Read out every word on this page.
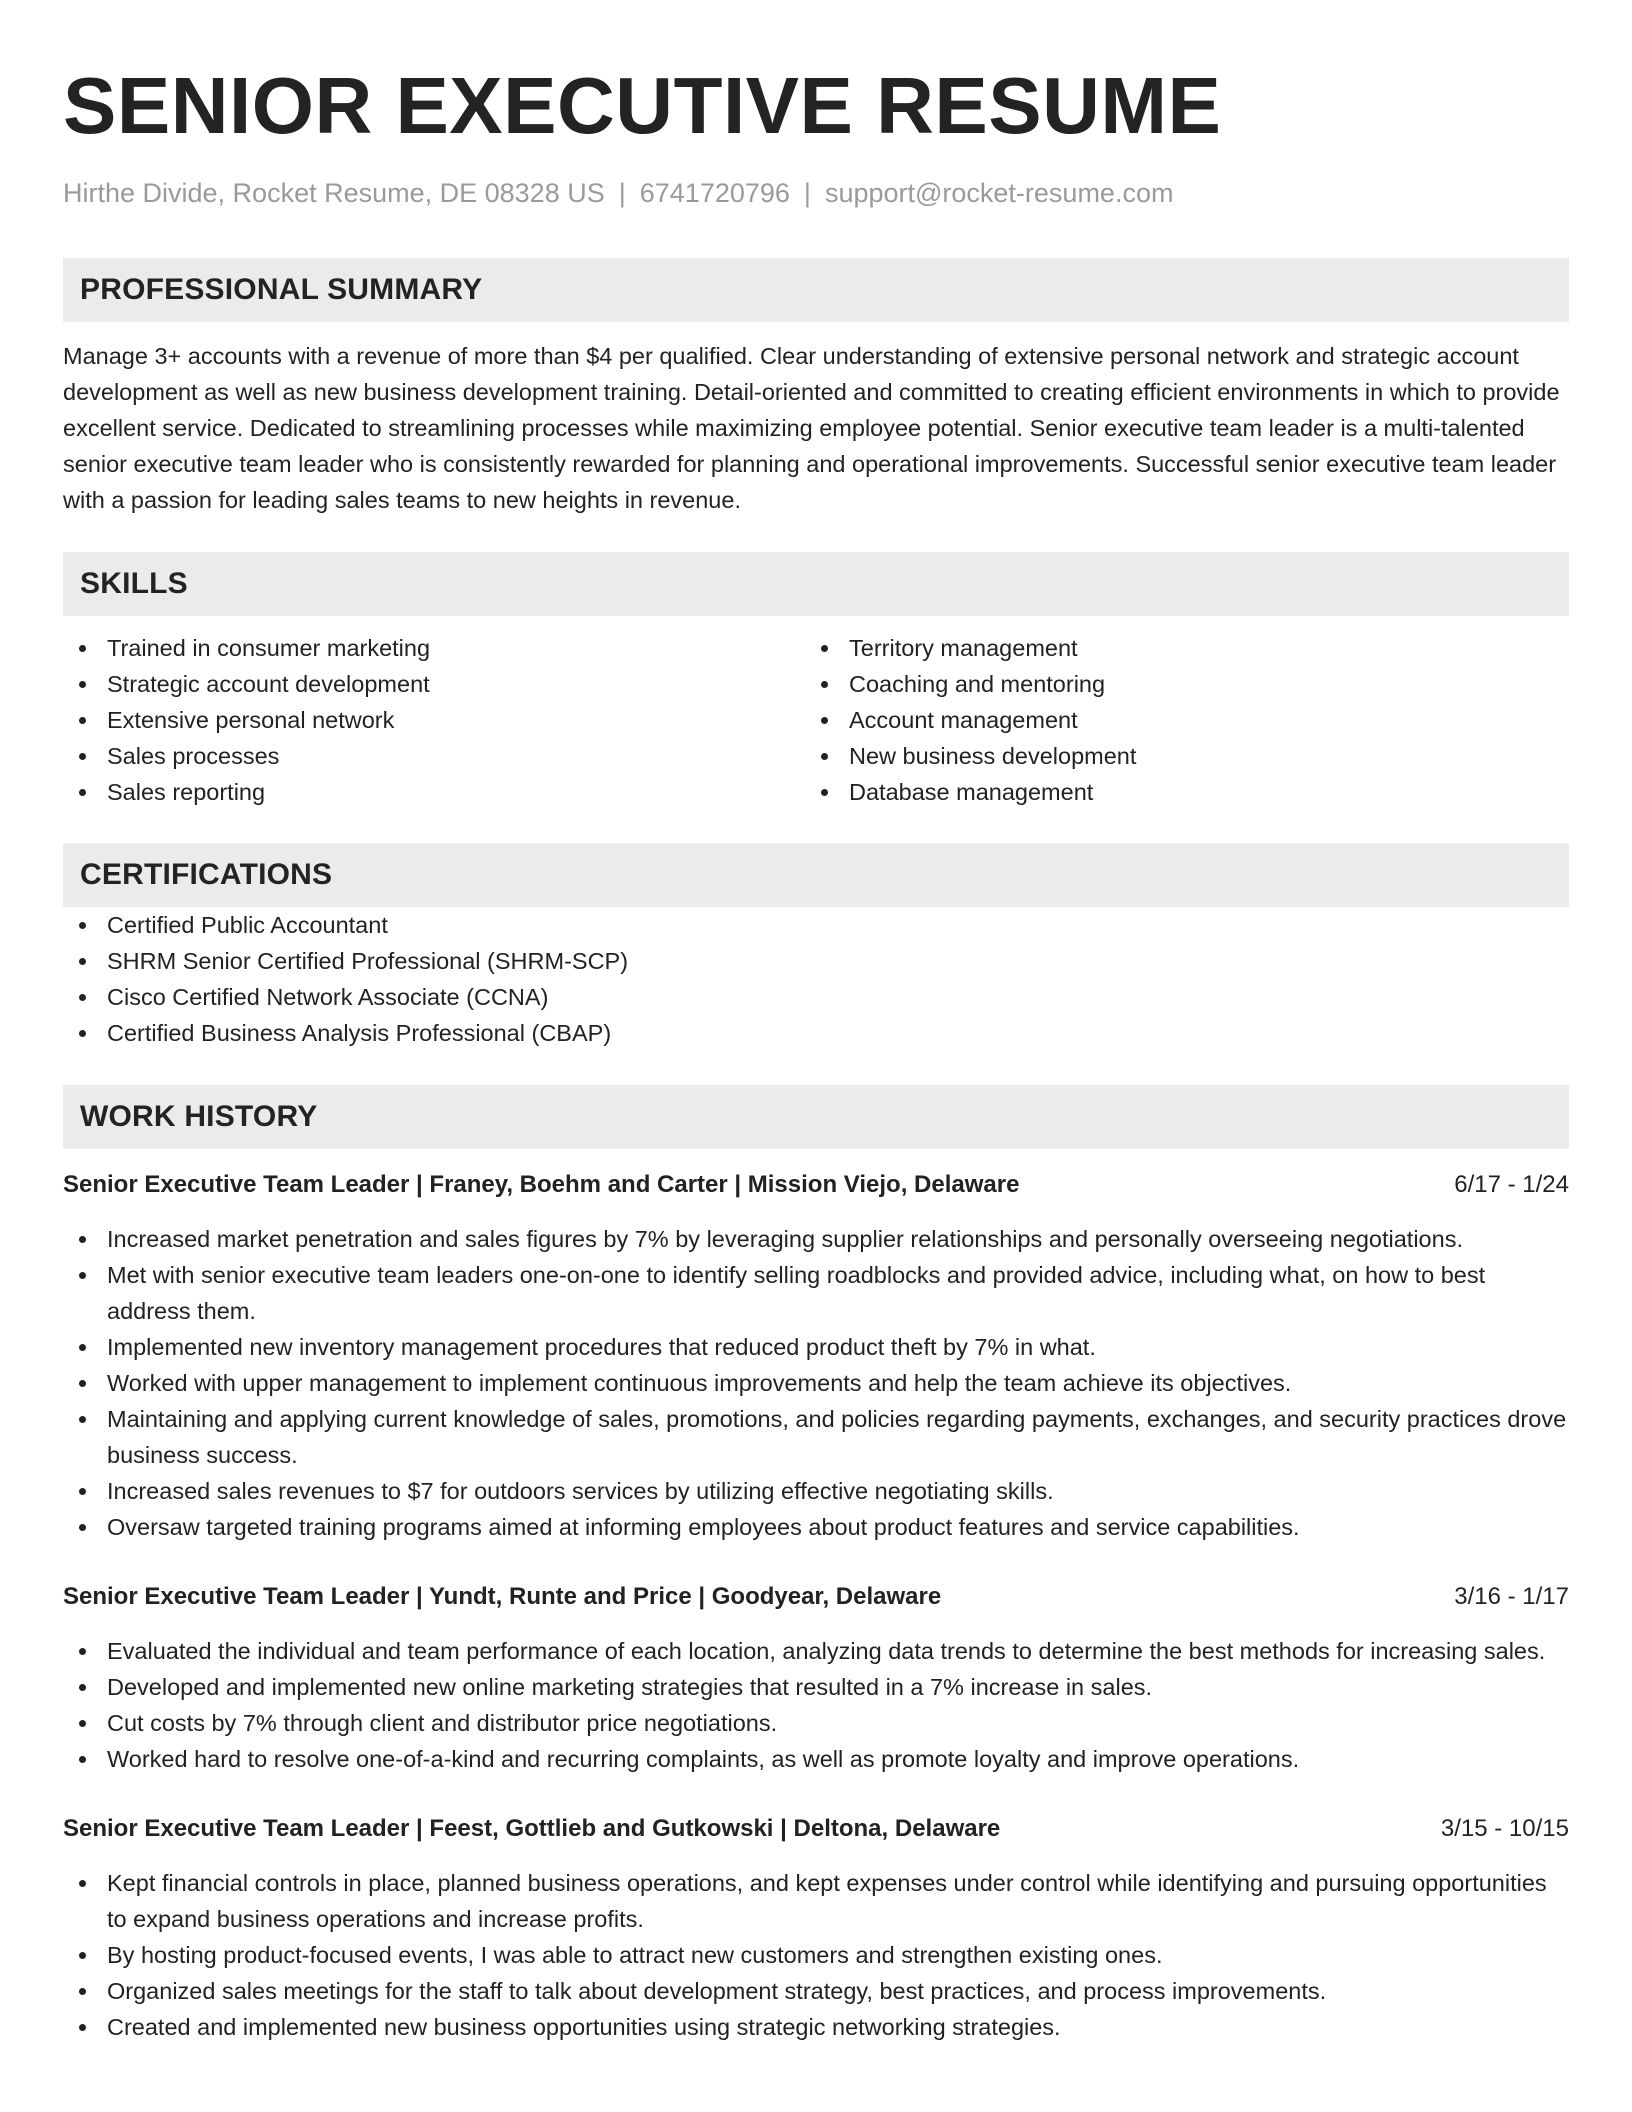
SENIOR EXECUTIVE RESUME
Hirthe Divide, Rocket Resume, DE 08328 US | 6741720796 | support@rocket-resume.com
PROFESSIONAL SUMMARY
Manage 3+ accounts with a revenue of more than $4 per qualified. Clear understanding of extensive personal network and strategic account development as well as new business development training. Detail-oriented and committed to creating efficient environments in which to provide excellent service. Dedicated to streamlining processes while maximizing employee potential. Senior executive team leader is a multi-talented senior executive team leader who is consistently rewarded for planning and operational improvements. Successful senior executive team leader with a passion for leading sales teams to new heights in revenue.
SKILLS
Trained in consumer marketing
Strategic account development
Extensive personal network
Sales processes
Sales reporting
Territory management
Coaching and mentoring
Account management
New business development
Database management
CERTIFICATIONS
Certified Public Accountant
SHRM Senior Certified Professional (SHRM-SCP)
Cisco Certified Network Associate (CCNA)
Certified Business Analysis Professional (CBAP)
WORK HISTORY
Senior Executive Team Leader | Franey, Boehm and Carter | Mission Viejo, Delaware	6/17 - 1/24
Increased market penetration and sales figures by 7% by leveraging supplier relationships and personally overseeing negotiations.
Met with senior executive team leaders one-on-one to identify selling roadblocks and provided advice, including what, on how to best address them.
Implemented new inventory management procedures that reduced product theft by 7% in what.
Worked with upper management to implement continuous improvements and help the team achieve its objectives.
Maintaining and applying current knowledge of sales, promotions, and policies regarding payments, exchanges, and security practices drove business success.
Increased sales revenues to $7 for outdoors services by utilizing effective negotiating skills.
Oversaw targeted training programs aimed at informing employees about product features and service capabilities.
Senior Executive Team Leader | Yundt, Runte and Price | Goodyear, Delaware	3/16 - 1/17
Evaluated the individual and team performance of each location, analyzing data trends to determine the best methods for increasing sales.
Developed and implemented new online marketing strategies that resulted in a 7% increase in sales.
Cut costs by 7% through client and distributor price negotiations.
Worked hard to resolve one-of-a-kind and recurring complaints, as well as promote loyalty and improve operations.
Senior Executive Team Leader | Feest, Gottlieb and Gutkowski | Deltona, Delaware	3/15 - 10/15
Kept financial controls in place, planned business operations, and kept expenses under control while identifying and pursuing opportunities to expand business operations and increase profits.
By hosting product-focused events, I was able to attract new customers and strengthen existing ones.
Organized sales meetings for the staff to talk about development strategy, best practices, and process improvements.
Created and implemented new business opportunities using strategic networking strategies.
